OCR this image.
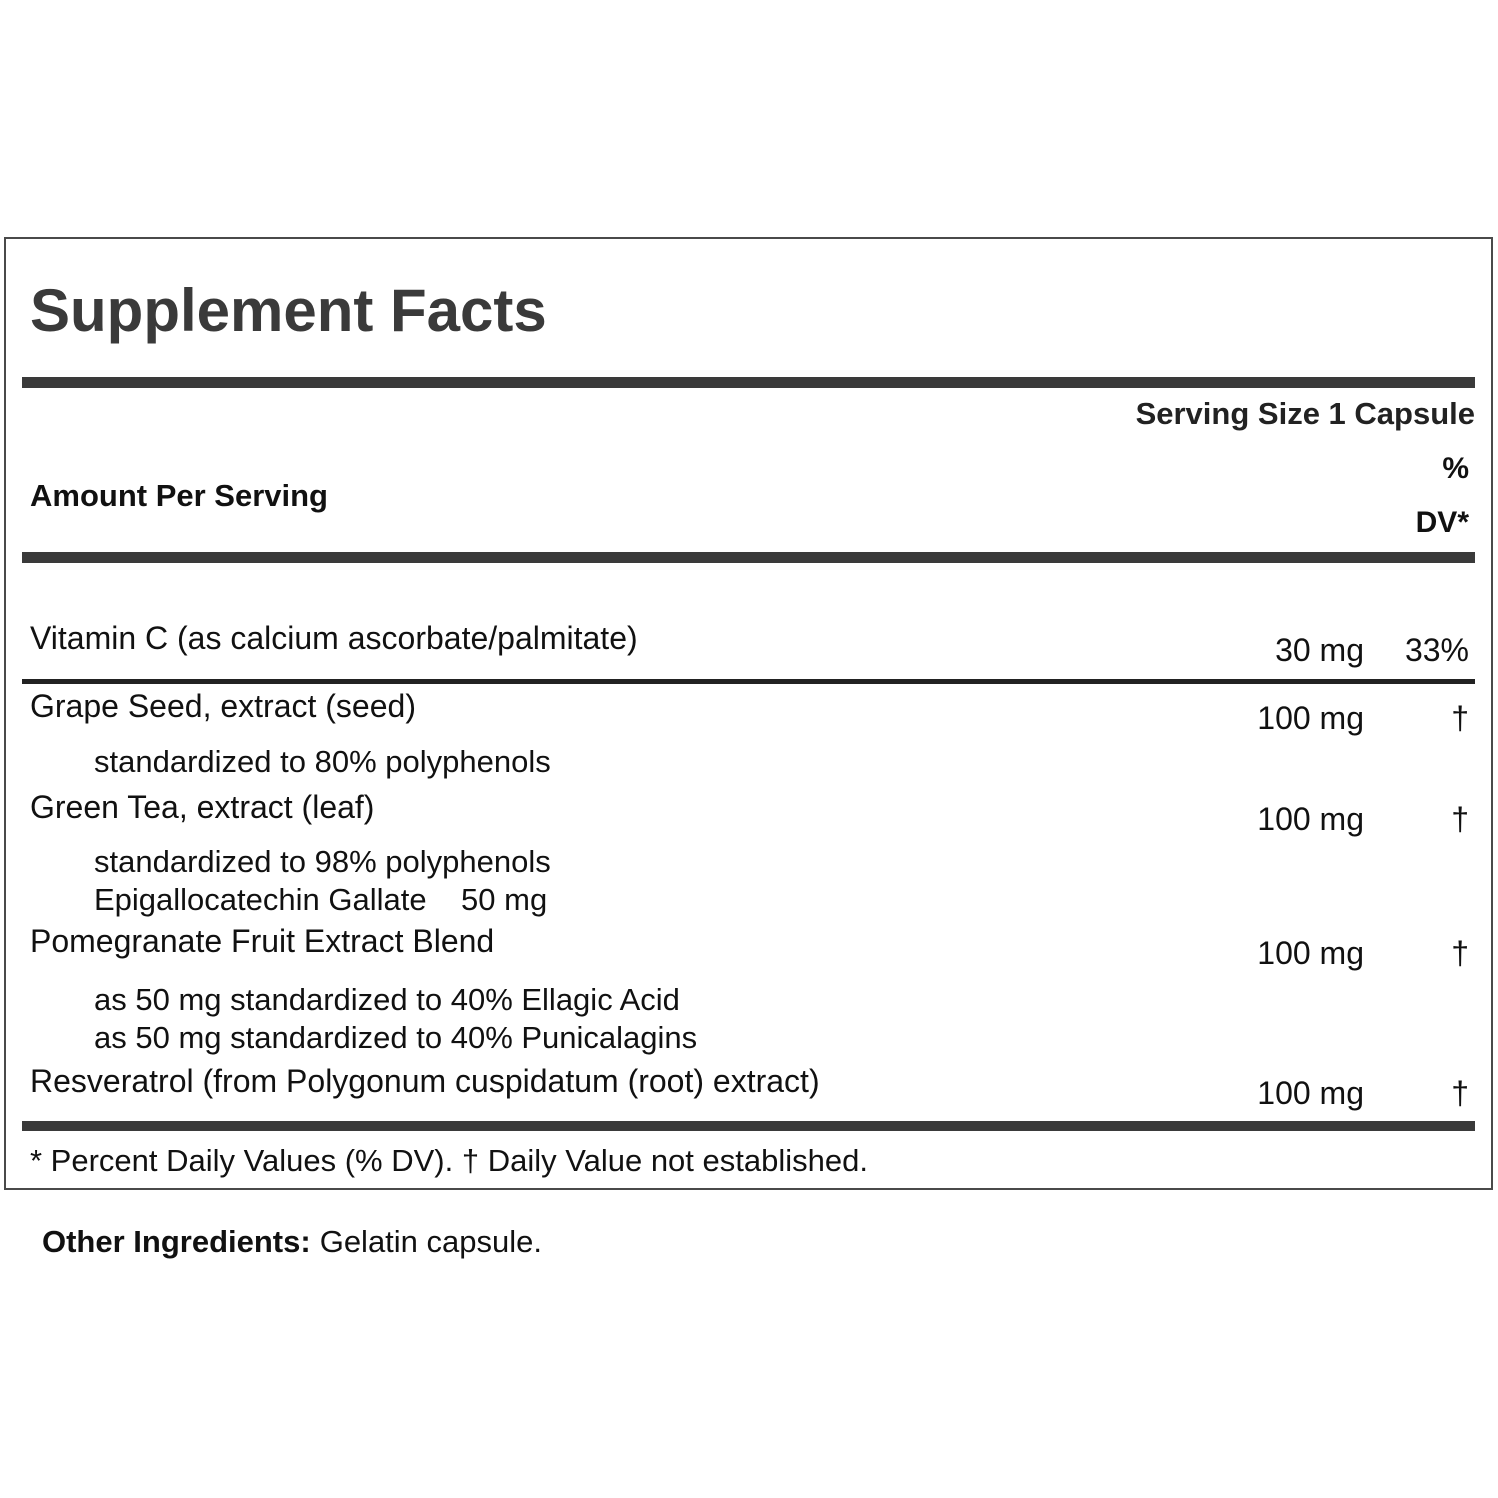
Supplement Facts
Serving Size 1 Capsule
Amount Per Serving
%
DV*
Vitamin C (as calcium ascorbate/palmitate)	30 mg	33%
Grape Seed, extract (seed)	100 mg	†
standardized to 80% polyphenols
Green Tea, extract (leaf)	100 mg	†
standardized to 98% polyphenols
Epigallocatechin Gallate    50 mg
Pomegranate Fruit Extract Blend	100 mg	†
as 50 mg standardized to 40% Ellagic Acid
as 50 mg standardized to 40% Punicalagins
Resveratrol (from Polygonum cuspidatum (root) extract)	100 mg	†
* Percent Daily Values (% DV). † Daily Value not established.
Other Ingredients: Gelatin capsule.
